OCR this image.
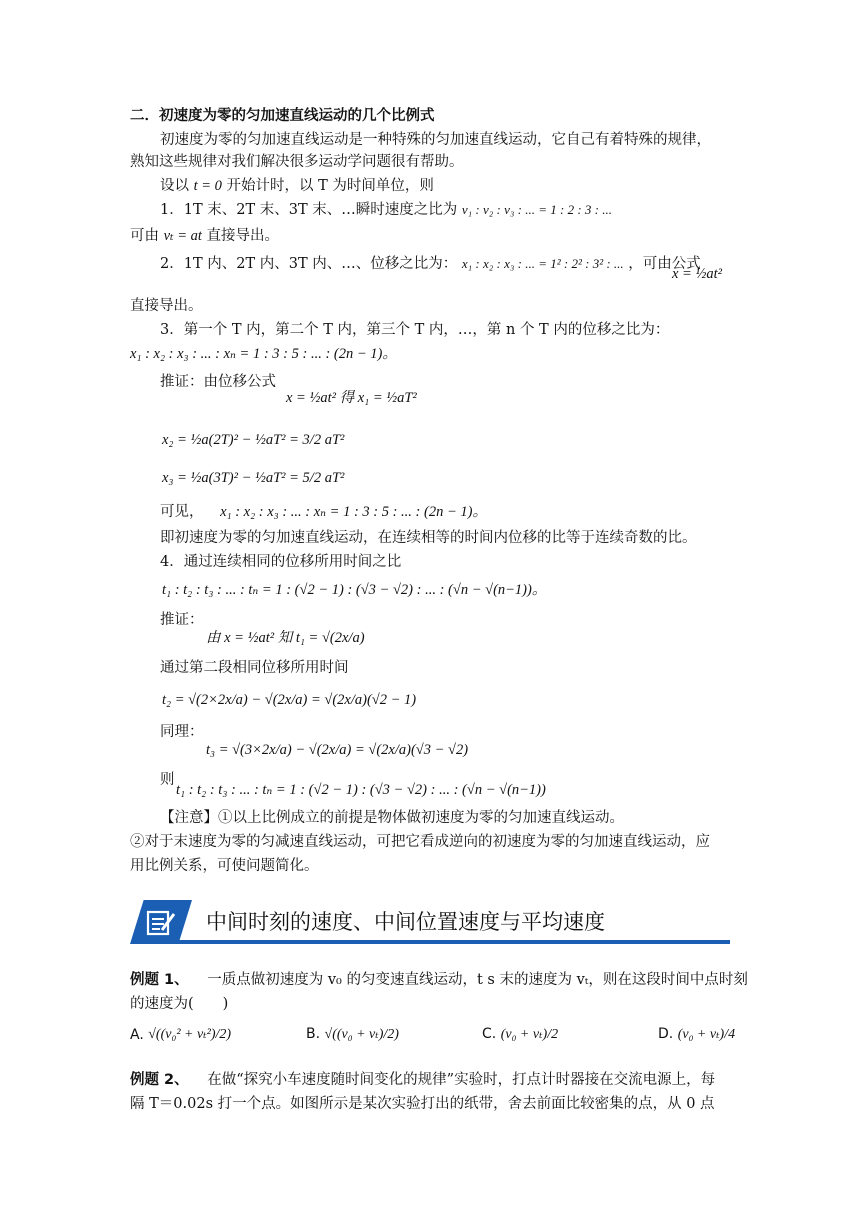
二．初速度为零的匀加速直线运动的几个比例式
初速度为零的匀加速直线运动是一种特殊的匀加速直线运动，它自己有着特殊的规律，
熟知这些规律对我们解决很多运动学问题很有帮助。
设以 t = 0 开始计时，以 T 为时间单位，则
1．1T 末、2T 末、3T 末、…瞬时速度之比为 v₁ : v₂ : v₃ : ... = 1 : 2 : 3 : ...
可由 vₜ = at 直接导出。
2．1T 内、2T 内、3T 内、…、位移之比为： x₁ : x₂ : x₃ : ... = 1² : 2² : 3² : ... ，可由公式
x = ½at²
直接导出。
3．第一个 T 内，第二个 T 内，第三个 T 内，…，第 n 个 T 内的位移之比为：
x₁ : x₂ : x₃ : ... : xₙ = 1 : 3 : 5 : ... : (2n − 1)。
推证：由位移公式
x = ½at² 得 x₁ = ½aT²
x₂ = ½a(2T)² − ½aT² = 3/2 aT²
x₃ = ½a(3T)² − ½aT² = 5/2 aT²
可见， x₁ : x₂ : x₃ : ... : xₙ = 1 : 3 : 5 : ... : (2n − 1)。
即初速度为零的匀加速直线运动，在连续相等的时间内位移的比等于连续奇数的比。
4．通过连续相同的位移所用时间之比
t₁ : t₂ : t₃ : ... : tₙ = 1 : (√2 − 1) : (√3 − √2) : ... : (√n − √(n−1))。
推证：
由 x = ½at² 知 t₁ = √(2x/a)
通过第二段相同位移所用时间
t₂ = √(2×2x/a) − √(2x/a) = √(2x/a)(√2 − 1)
同理：
t₃ = √(3×2x/a) − √(2x/a) = √(2x/a)(√3 − √2)
则
t₁ : t₂ : t₃ : ... : tₙ = 1 : (√2 − 1) : (√3 − √2) : ... : (√n − √(n−1))
【注意】①以上比例成立的前提是物体做初速度为零的匀加速直线运动。
②对于末速度为零的匀减速直线运动，可把它看成逆向的初速度为零的匀加速直线运动，应
用比例关系，可使问题简化。
中间时刻的速度、中间位置速度与平均速度
例题 1、 一质点做初速度为 v₀ 的匀变速直线运动，t s 末的速度为 vₜ，则在这段时间中点时刻
的速度为(　　)
A. √((v₀² + vₜ²)/2)	B. √((v₀ + vₜ)/2)	C. (v₀ + vₜ)/2	D. (v₀ + vₜ)/4
例题 2、 在做“探究小车速度随时间变化的规律”实验时，打点计时器接在交流电源上，每
隔 T＝0.02s 打一个点。如图所示是某次实验打出的纸带，舍去前面比较密集的点，从 0 点
